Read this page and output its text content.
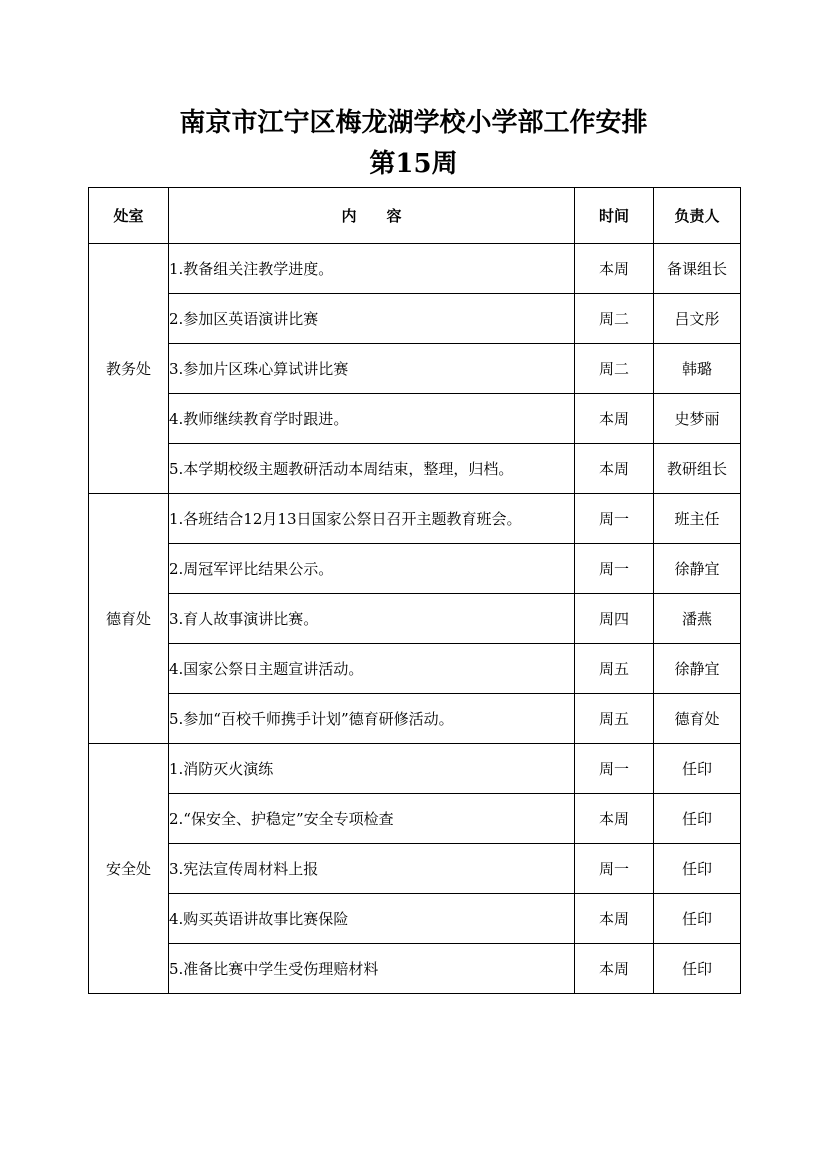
南京市江宁区梅龙湖学校小学部工作安排
第15周
处室	内　　容	时间	负责人
教务处	1.教备组关注教学进度。	本周	备课组长
	2.参加区英语演讲比赛	周二	吕文彤
	3.参加片区珠心算试讲比赛	周二	韩璐
	4.教师继续教育学时跟进。	本周	史梦丽
	5.本学期校级主题教研活动本周结束，整理，归档。	本周	教研组长
德育处	1.各班结合12月13日国家公祭日召开主题教育班会。	周一	班主任
	2.周冠军评比结果公示。	周一	徐静宜
	3.育人故事演讲比赛。	周四	潘燕
	4.国家公祭日主题宣讲活动。	周五	徐静宜
	5.参加“百校千师携手计划”德育研修活动。	周五	德育处
安全处	1.消防灭火演练	周一	任印
	2.“保安全、护稳定”安全专项检查	本周	任印
	3.宪法宣传周材料上报	周一	任印
	4.购买英语讲故事比赛保险	本周	任印
	5.准备比赛中学生受伤理赔材料	本周	任印
